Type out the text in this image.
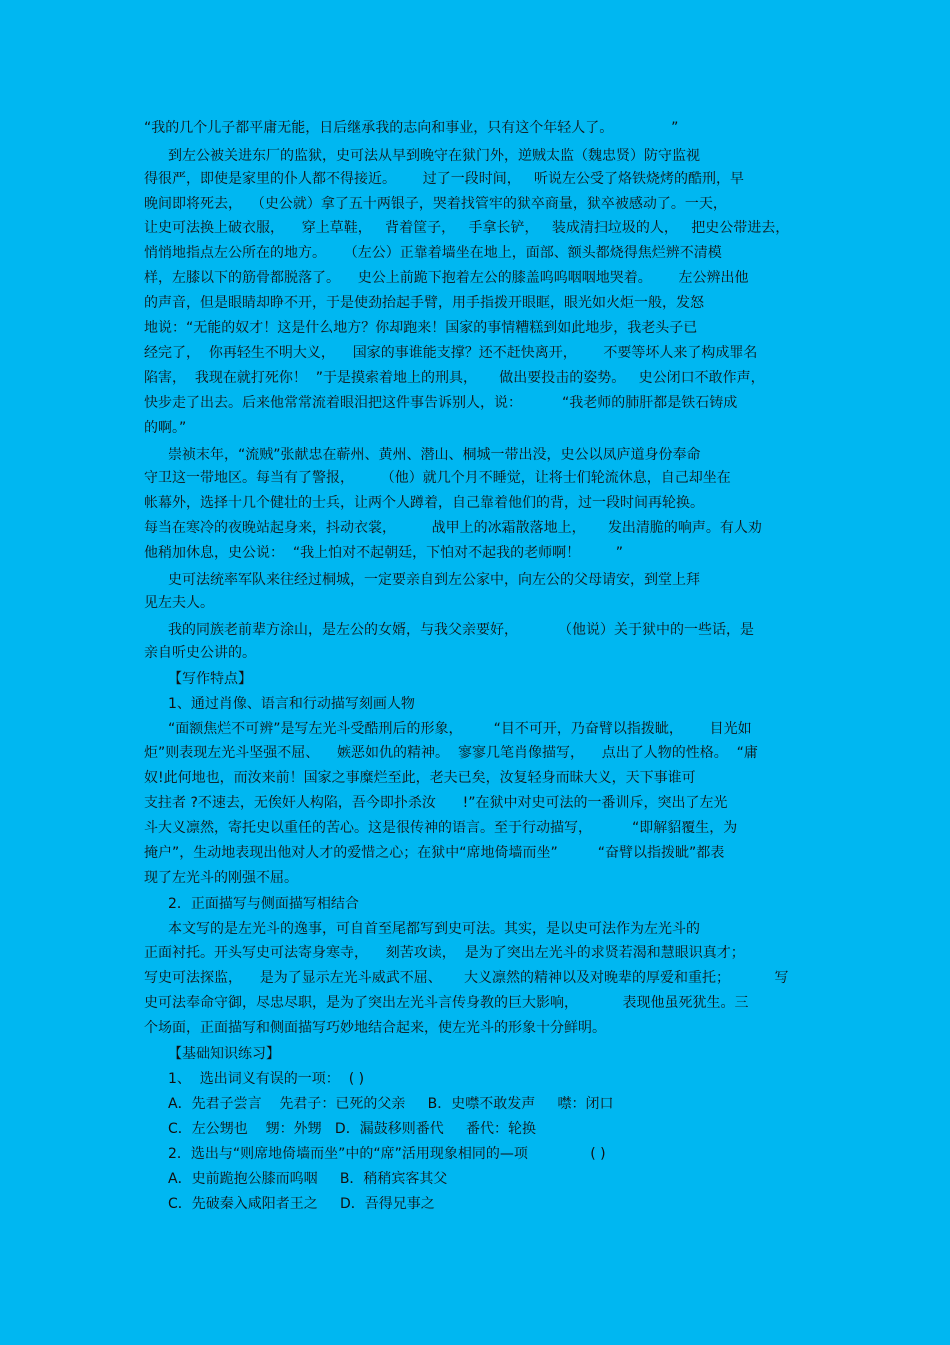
“我的几个儿子都平庸无能，日后继承我的志向和事业，只有这个年轻人了。             ”
到左公被关进东厂的监狱，史可法从早到晚守在狱门外，逆贼太监（魏忠贤）防守监视
得很严，即使是家里的仆人都不得接近。      过了一段时间，   听说左公受了烙铁烧烤的酷刑，早
晚间即将死去，  （史公就）拿了五十两银子，哭着找管牢的狱卒商量，狱卒被感动了。一天，
让史可法换上破衣服，    穿上草鞋，   背着筐子，   手拿长铲，   装成清扫垃圾的人，   把史公带进去，
悄悄地指点左公所在的地方。    （左公）正靠着墙坐在地上，面部、额头都烧得焦烂辨不清模
样，左膝以下的筋骨都脱落了。    史公上前跪下抱着左公的膝盖呜呜咽咽地哭着。      左公辨出他
的声音，但是眼睛却睁不开，于是使劲抬起手臂，用手指拨开眼眶，眼光如火炬一般，发怒
地说：“无能的奴才！这是什么地方？你却跑来！国家的事情糟糕到如此地步，我老头子已
经完了，  你再轻生不明大义，    国家的事谁能支撑？还不赶快离开，      不要等坏人来了构成罪名
陷害，  我现在就打死你！  ”于是摸索着地上的刑具，     做出要投击的姿势。   史公闭口不敢作声，
快步走了出去。后来他常常流着眼泪把这件事告诉别人，说：         “我老师的肺肝都是铁石铸成
的啊。”
崇祯末年，“流贼”张献忠在蕲州、黄州、潜山、桐城一带出没，史公以凤庐道身份奉命
守卫这一带地区。每当有了警报，      （他）就几个月不睡觉，让将士们轮流休息，自己却坐在
帐幕外，选择十几个健壮的士兵，让两个人蹲着，自己靠着他们的背，过一段时间再轮换。
每当在寒冷的夜晚站起身来，抖动衣裳，        战甲上的冰霜散落地上，     发出清脆的响声。有人劝
他稍加休息，史公说：  “我上怕对不起朝廷，下怕对不起我的老师啊！        ”
史可法统率军队来往经过桐城，一定要亲自到左公家中，向左公的父母请安，到堂上拜
见左夫人。
我的同族老前辈方涂山，是左公的女婿，与我父亲要好，         （他说）关于狱中的一些话，是
亲自听史公讲的。
【写作特点】
1、通过肖像、语言和行动描写刻画人物
“面额焦烂不可辨”是写左光斗受酷刑后的形象，       “目不可开，乃奋臂以指拨眦，      目光如
炬”则表现左光斗坚强不屈、    嫉恶如仇的精神。  寥寥几笔肖像描写，    点出了人物的性格。  “庸
奴!此何地也，而汝来前！国家之事糜烂至此，老夫已矣，汝复轻身而昧大义，天下事谁可
支拄者 ?不速去，无俟奸人构陷，吾今即扑杀汝      !”在狱中对史可法的一番训斥，突出了左光
斗大义凛然，寄托史以重任的苦心。这是很传神的语言。至于行动描写，         “即解貂覆生，为
掩户”，生动地表现出他对人才的爱惜之心；在狱中“席地倚墙而坐”         “奋臂以指拨眦”都表
现了左光斗的刚强不屈。
2．正面描写与侧面描写相结合
本文写的是左光斗的逸事，可自首至尾都写到史可法。其实，是以史可法作为左光斗的
正面衬托。开头写史可法寄身寒寺，    刻苦攻读，  是为了突出左光斗的求贤若渴和慧眼识真才；
写史可法探监，    是为了显示左光斗威武不屈、     大义凛然的精神以及对晚辈的厚爱和重托；          写
史可法奉命守御，尽忠尽职，是为了突出左光斗言传身教的巨大影响，          表现他虽死犹生。三
个场面，正面描写和侧面描写巧妙地结合起来，使左光斗的形象十分鲜明。
【基础知识练习】
1、  选出词义有误的一项：  ( )
A．先君子尝言    先君子：已死的父亲     B．史噤不敢发声     噤：闭口
C．左公甥也    甥：外甥   D．漏鼓移则番代     番代：轮换
2．选出与“则席地倚墙而坐”中的“席”活用现象相同的—项              ( )
A．史前跪抱公膝而呜咽     B．稍稍宾客其父
C．先破秦入咸阳者王之     D．吾得兄事之
